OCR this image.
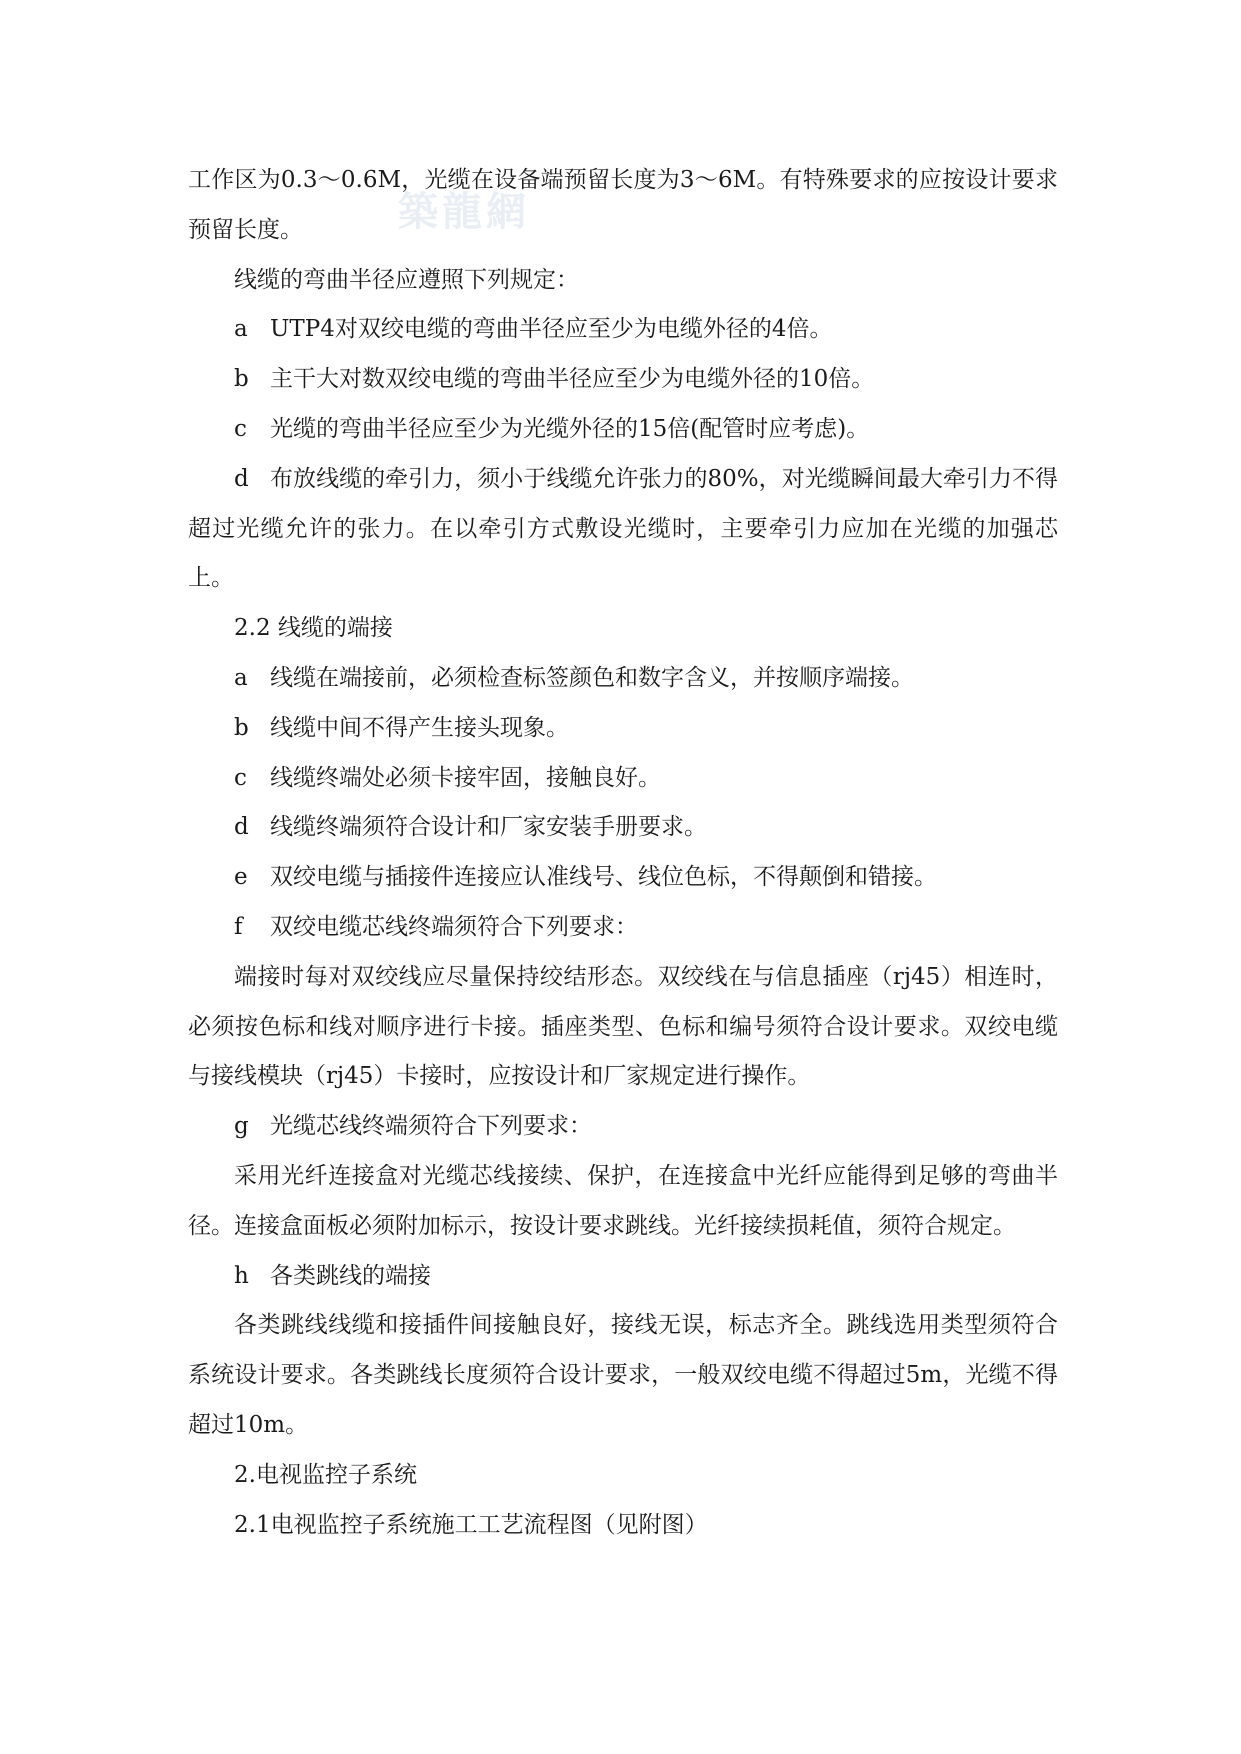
築龍網

工作区为0.3～0.6M，光缆在设备端预留长度为3～6M。有特殊要求的应按设计要求预留长度。

线缆的弯曲半径应遵照下列规定：

a UTP4对双绞电缆的弯曲半径应至少为电缆外径的4倍。

b 主干大对数双绞电缆的弯曲半径应至少为电缆外径的10倍。

c 光缆的弯曲半径应至少为光缆外径的15倍(配管时应考虑)。

d 布放线缆的牵引力，须小于线缆允许张力的80%，对光缆瞬间最大牵引力不得超过光缆允许的张力。在以牵引方式敷设光缆时，主要牵引力应加在光缆的加强芯上。

2.2 线缆的端接

a 线缆在端接前，必须检查标签颜色和数字含义，并按顺序端接。

b 线缆中间不得产生接头现象。

c 线缆终端处必须卡接牢固，接触良好。

d 线缆终端须符合设计和厂家安装手册要求。

e 双绞电缆与插接件连接应认准线号、线位色标，不得颠倒和错接。

f 双绞电缆芯线终端须符合下列要求：

端接时每对双绞线应尽量保持绞结形态。双绞线在与信息插座（rj45）相连时，必须按色标和线对顺序进行卡接。插座类型、色标和编号须符合设计要求。双绞电缆与接线模块（rj45）卡接时，应按设计和厂家规定进行操作。

g 光缆芯线终端须符合下列要求：

采用光纤连接盒对光缆芯线接续、保护，在连接盒中光纤应能得到足够的弯曲半径。连接盒面板必须附加标示，按设计要求跳线。光纤接续损耗值，须符合规定。

h 各类跳线的端接

各类跳线线缆和接插件间接触良好，接线无误，标志齐全。跳线选用类型须符合系统设计要求。各类跳线长度须符合设计要求，一般双绞电缆不得超过5m，光缆不得超过10m。

2.电视监控子系统

2.1电视监控子系统施工工艺流程图（见附图）
